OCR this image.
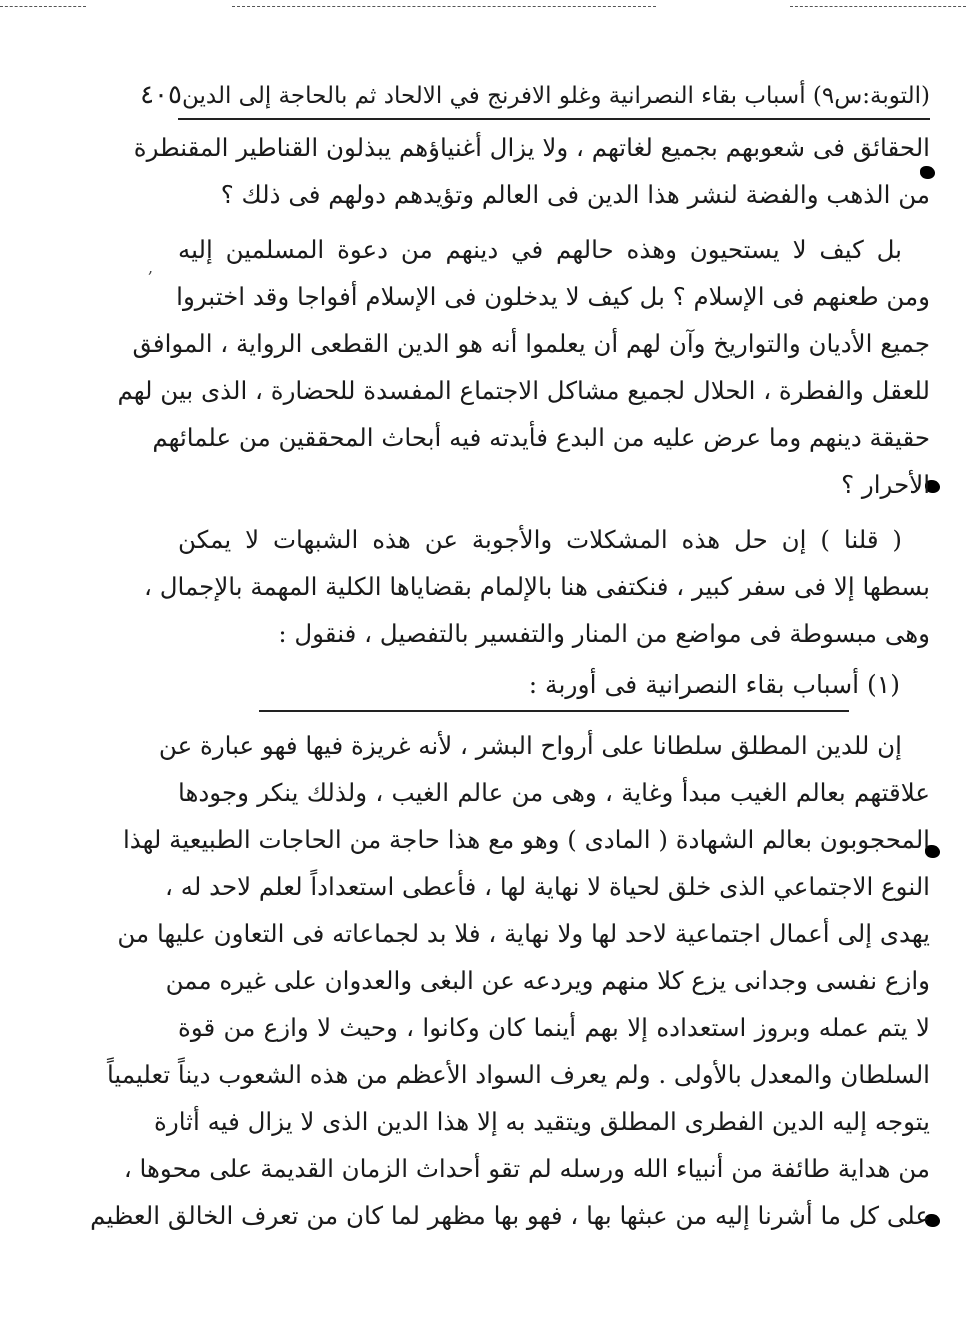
,
(التوبة:س٩) أسباب بقاء النصرانية وغلو الافرنج في الالحاد ثم بالحاجة إلى الدين
٤٠٥
الحقائق فى شعوبهم بجميع لغاتهم ، ولا يزال أغنياؤهم يبذلون القناطير المقنطرة
من الذهب والفضة لنشر هذا الدين فى العالم وتؤيدهم دولهم فى ذلك ؟
بل كيف لا يستحيون وهذه حالهم في دينهم من دعوة المسلمين إليه
ومن طعنهم فى الإسلام ؟ بل كيف لا يدخلون فى الإسلام أفواجا وقد اختبروا
جميع الأديان والتواريخ وآن لهم أن يعلموا أنه هو الدين القطعى الرواية ، الموافق
للعقل والفطرة ، الحلال لجميع مشاكل الاجتماع المفسدة للحضارة ، الذى بين لهم
حقيقة دينهم وما عرض عليه من البدع فأيدته فيه أبحاث المحققين من علمائهم
الأحرار ؟
( قلنا ) إن حل هذه المشكلات والأجوبة عن هذه الشبهات لا يمكن
بسطها إلا فى سفر كبير ، فنكتفى هنا بالإلمام بقضاياها الكلية المهمة بالإجمال ،
وهى مبسوطة فى مواضع من المنار والتفسير بالتفصيل ، فنقول :
(١) أسباب بقاء النصرانية فى أوربة :
إن للدين المطلق سلطانا على أرواح البشر ، لأنه غريزة فيها فهو عبارة عن
علاقتهم بعالم الغيب مبدأ وغاية ، وهى من عالم الغيب ، ولذلك ينكر وجودها
المحجوبون بعالم الشهادة ( المادى ) وهو مع هذا حاجة من الحاجات الطبيعية لهذا
النوع الاجتماعي الذى خلق لحياة لا نهاية لها ، فأعطى استعداداً لعلم لاحد له ،
يهدى إلى أعمال اجتماعية لاحد لها ولا نهاية ، فلا بد لجماعاته فى التعاون عليها من
وازع نفسى وجدانى يزع كلا منهم ويردعه عن البغى والعدوان على غيره ممن
لا يتم عمله وبروز استعداده إلا بهم أينما كان وكانوا ، وحيث لا وازع من قوة
السلطان والمعدل بالأولى . ولم يعرف السواد الأعظم من هذه الشعوب ديناً تعليمياً
يتوجه إليه الدين الفطرى المطلق ويتقيد به إلا هذا الدين الذى لا يزال فيه أثارة
من هداية طائفة من أنبياء الله ورسله لم تقو أحداث الزمان القديمة على محوها ،
على كل ما أشرنا إليه من عبثها بها ، فهو بها مظهر لما كان من تعرف الخالق العظيم
